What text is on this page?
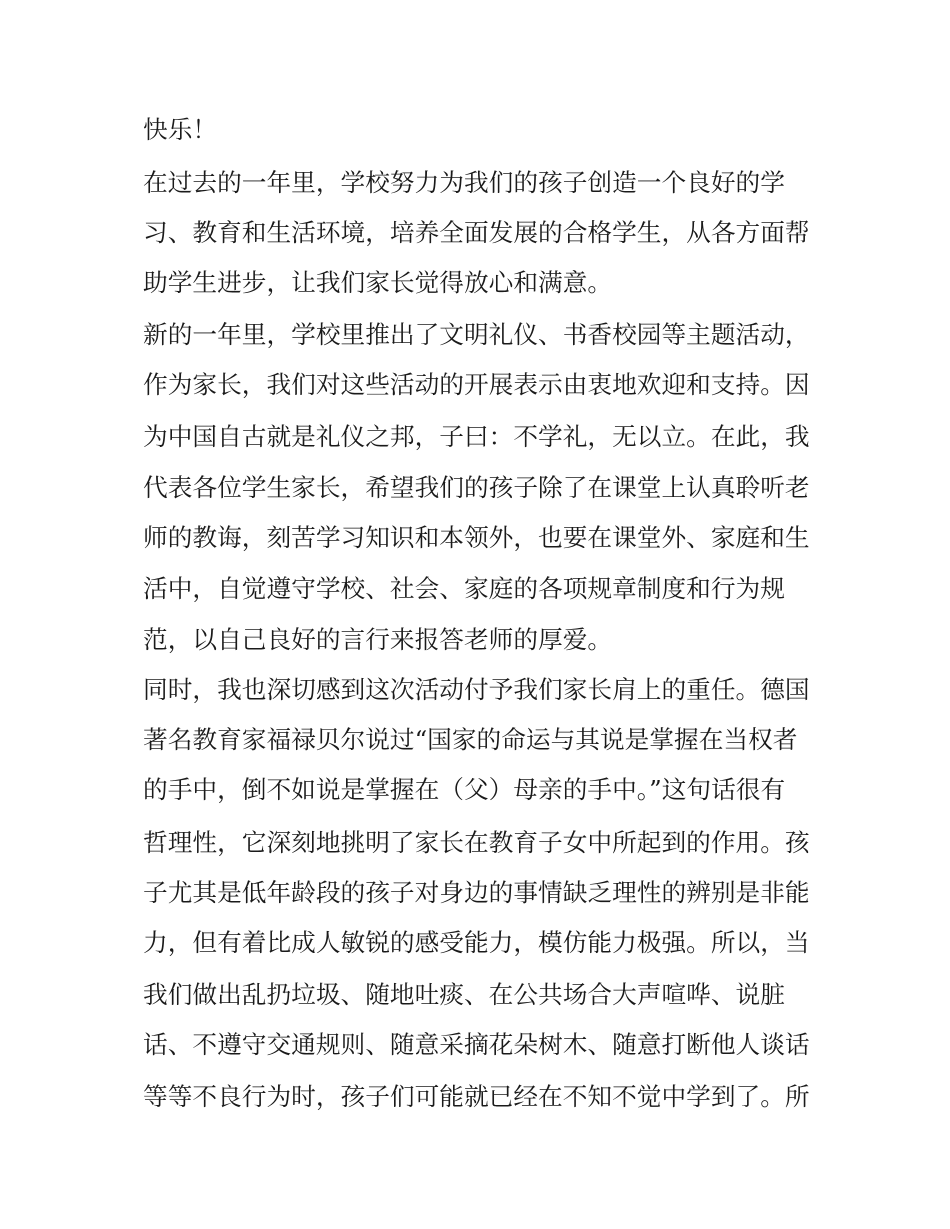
快乐！
在过去的一年里，学校努力为我们的孩子创造一个良好的学
习、教育和生活环境，培养全面发展的合格学生，从各方面帮
助学生进步，让我们家长觉得放心和满意。
新的一年里，学校里推出了文明礼仪、书香校园等主题活动，
作为家长，我们对这些活动的开展表示由衷地欢迎和支持。因
为中国自古就是礼仪之邦，子曰：不学礼，无以立。在此，我
代表各位学生家长，希望我们的孩子除了在课堂上认真聆听老
师的教诲，刻苦学习知识和本领外，也要在课堂外、家庭和生
活中，自觉遵守学校、社会、家庭的各项规章制度和行为规
范，以自己良好的言行来报答老师的厚爱。
同时，我也深切感到这次活动付予我们家长肩上的重任。德国
著名教育家福禄贝尔说过“国家的命运与其说是掌握在当权者
的手中，倒不如说是掌握在（父）母亲的手中。”这句话很有
哲理性，它深刻地挑明了家长在教育子女中所起到的作用。孩
子尤其是低年龄段的孩子对身边的事情缺乏理性的辨别是非能
力，但有着比成人敏锐的感受能力，模仿能力极强。所以，当
我们做出乱扔垃圾、随地吐痰、在公共场合大声喧哗、说脏
话、不遵守交通规则、随意采摘花朵树木、随意打断他人谈话
等等不良行为时，孩子们可能就已经在不知不觉中学到了。所
